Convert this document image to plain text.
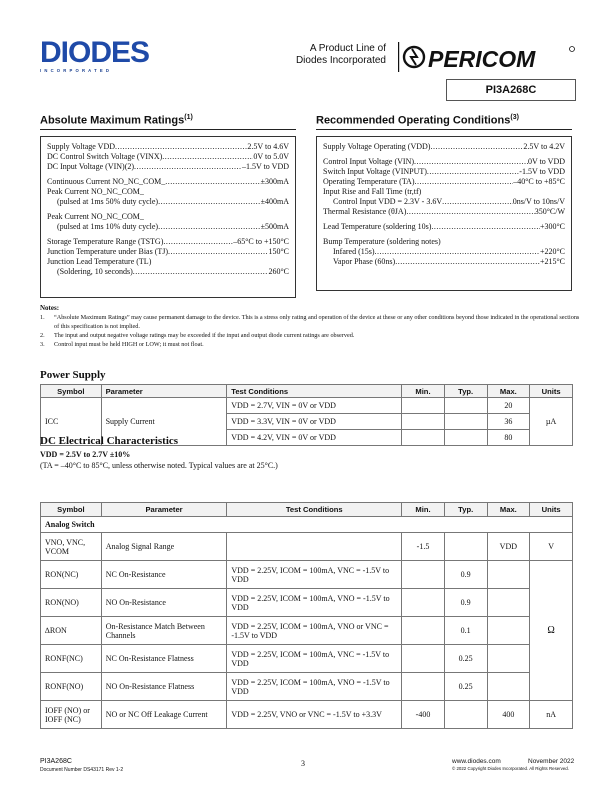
DIODES
INCORPORATED
A Product Line of
Diodes Incorporated PERICOM
PI3A268C
Absolute Maximum Ratings$^{(1)}$
Supply Voltage VDD .....	2.5V to 4.6V
DC Control Switch Voltage (VINX) .....	0V to 5.0V
DC Input Voltage (VIN)(2) .....	–1.5V to VDD
Continuous Current NO_NC_COM_ .....	±300mA
Peak Current NO_NC_COM_
(pulsed at 1ms 50% duty cycle) .....	±400mA
Peak Current NO_NC_COM_
(pulsed at 1ms 10% duty cycle) .....	±500mA
Storage Temperature Range (TSTG) .....	–65°C to +150°C
Junction Temperature under Bias (TJ) .....	150°C
Junction Lead Temperature (TL)
(Soldering, 10 seconds) .....	260°C
Recommended Operating Conditions$^{(3)}$
Supply Voltage Operating (VDD) .....	2.5V to 4.2V
Control Input Voltage (VIN) .....	0V to VDD
Switch Input Voltage (VINPUT) .....	-1.5V to VDD
Operating Temperature (TA) .....	–40°C to +85°C
Input Rise and Fall Time (tr,tf)
Control Input VDD = 2.3V - 3.6V .....	0ns/V to 10ns/V
Thermal Resistance (θJA) .....	350°C/W
Lead Temperature (soldering 10s) .....	+300°C
Bump Temperature (soldering notes)
Infared (15s) .....	+220°C
Vapor Phase (60ns) .....	+215°C
Notes:
1.	“Absolute Maximum Ratings” may cause permanent damage to the device. This is a stress only rating and operation of the device at these or any other conditions beyond those indicated in the operational sections of this specification is not implied.
2.	The input and output negative voltage ratings may be exceeded if the input and output diode current ratings are observed.
3.	Control input must be held HIGH or LOW; it must not float.
Power Supply
Symbol	Parameter	Test Conditions	Min.	Typ.	Max.	Units
ICC	Supply Current	VDD = 2.7V, VIN = 0V or VDD			20	µA
		VDD = 3.3V, VIN = 0V or VDD			36	
		VDD = 4.2V, VIN = 0V or VDD			80	
DC Electrical Characteristics
VDD = 2.5V to 2.7V ±10%
(TA = –40°C to 85°C, unless otherwise noted. Typical values are at 25°C.)
Symbol	Parameter	Test Conditions	Min.	Typ.	Max.	Units
Analog Switch						
VNO, VNC, VCOM	Analog Signal Range		-1.5		VDD	V
RON(NC)	NC On-Resistance	VDD = 2.25V, ICOM = 100mA, VNC = -1.5V to VDD		0.9		Ω
RON(NO)	NO On-Resistance	VDD = 2.25V, ICOM = 100mA, VNO = -1.5V to VDD		0.9		
∆RON	On-Resistance Match Between Channels	VDD = 2.25V, ICOM = 100mA, VNO or VNC = -1.5V to VDD		0.1		
RONF(NC)	NC On-Resistance Flatness	VDD = 2.25V, ICOM = 100mA, VNC = -1.5V to VDD		0.25		
RONF(NO)	NO On-Resistance Flatness	VDD = 2.25V, ICOM = 100mA, VNO = -1.5V to VDD		0.25		
IOFF (NO) or IOFF (NC)	NO or NC Off Leakage Current	VDD = 2.25V, VNO or VNC = -1.5V to +3.3V	-400		400	nA
PI3A268C
Document Number DS43171 Rev 1-2
3	www.diodes.com	November 2022
© 2022 Copyright Diodes Incorporated. All Rights Reserved.
